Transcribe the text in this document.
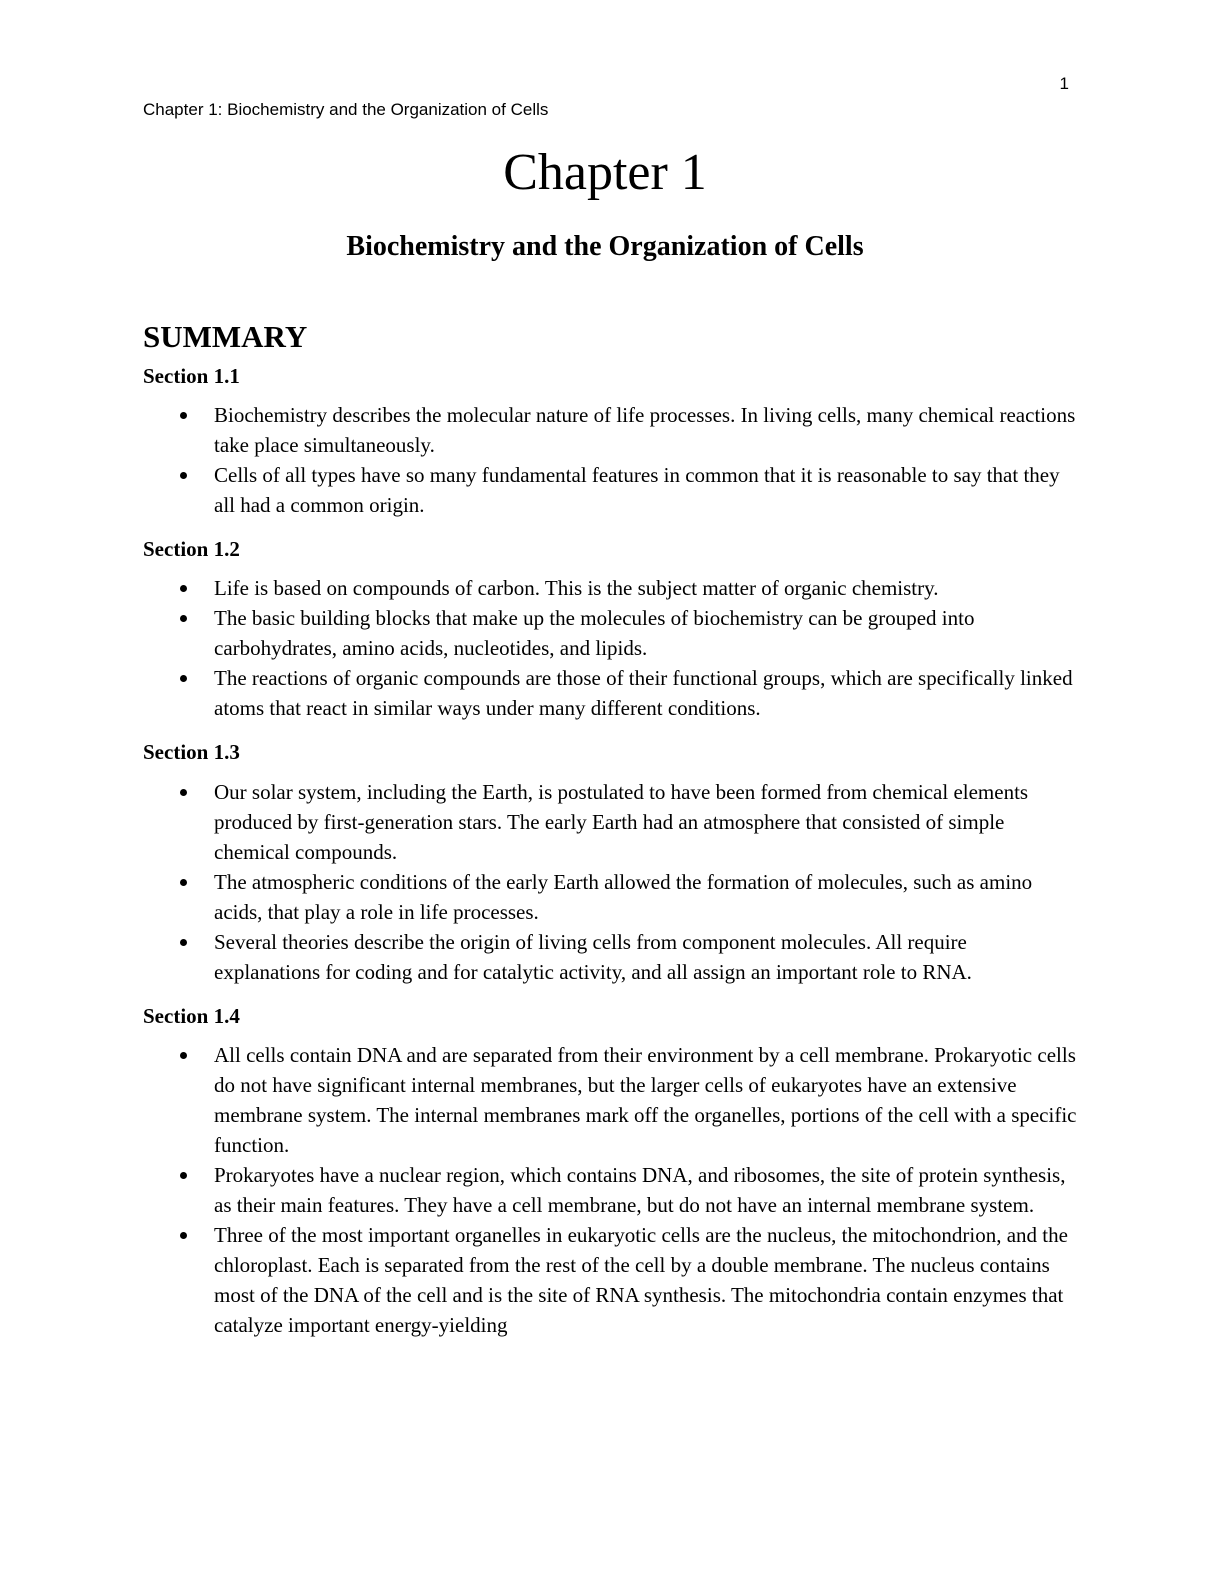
1
Chapter 1: Biochemistry and the Organization of Cells
Chapter 1
Biochemistry and the Organization of Cells
SUMMARY
Section 1.1
Biochemistry describes the molecular nature of life processes. In living cells, many chemical reactions take place simultaneously.
Cells of all types have so many fundamental features in common that it is reasonable to say that they all had a common origin.
Section 1.2
Life is based on compounds of carbon. This is the subject matter of organic chemistry.
The basic building blocks that make up the molecules of biochemistry can be grouped into carbohydrates, amino acids, nucleotides, and lipids.
The reactions of organic compounds are those of their functional groups, which are specifically linked atoms that react in similar ways under many different conditions.
Section 1.3
Our solar system, including the Earth, is postulated to have been formed from chemical elements produced by first-generation stars. The early Earth had an atmosphere that consisted of simple chemical compounds.
The atmospheric conditions of the early Earth allowed the formation of molecules, such as amino acids, that play a role in life processes.
Several theories describe the origin of living cells from component molecules. All require explanations for coding and for catalytic activity, and all assign an important role to RNA.
Section 1.4
All cells contain DNA and are separated from their environment by a cell membrane. Prokaryotic cells do not have significant internal membranes, but the larger cells of eukaryotes have an extensive membrane system. The internal membranes mark off the organelles, portions of the cell with a specific function.
Prokaryotes have a nuclear region, which contains DNA, and ribosomes, the site of protein synthesis, as their main features. They have a cell membrane, but do not have an internal membrane system.
Three of the most important organelles in eukaryotic cells are the nucleus, the mitochondrion, and the chloroplast. Each is separated from the rest of the cell by a double membrane. The nucleus contains most of the DNA of the cell and is the site of RNA synthesis. The mitochondria contain enzymes that catalyze important energy-yielding
